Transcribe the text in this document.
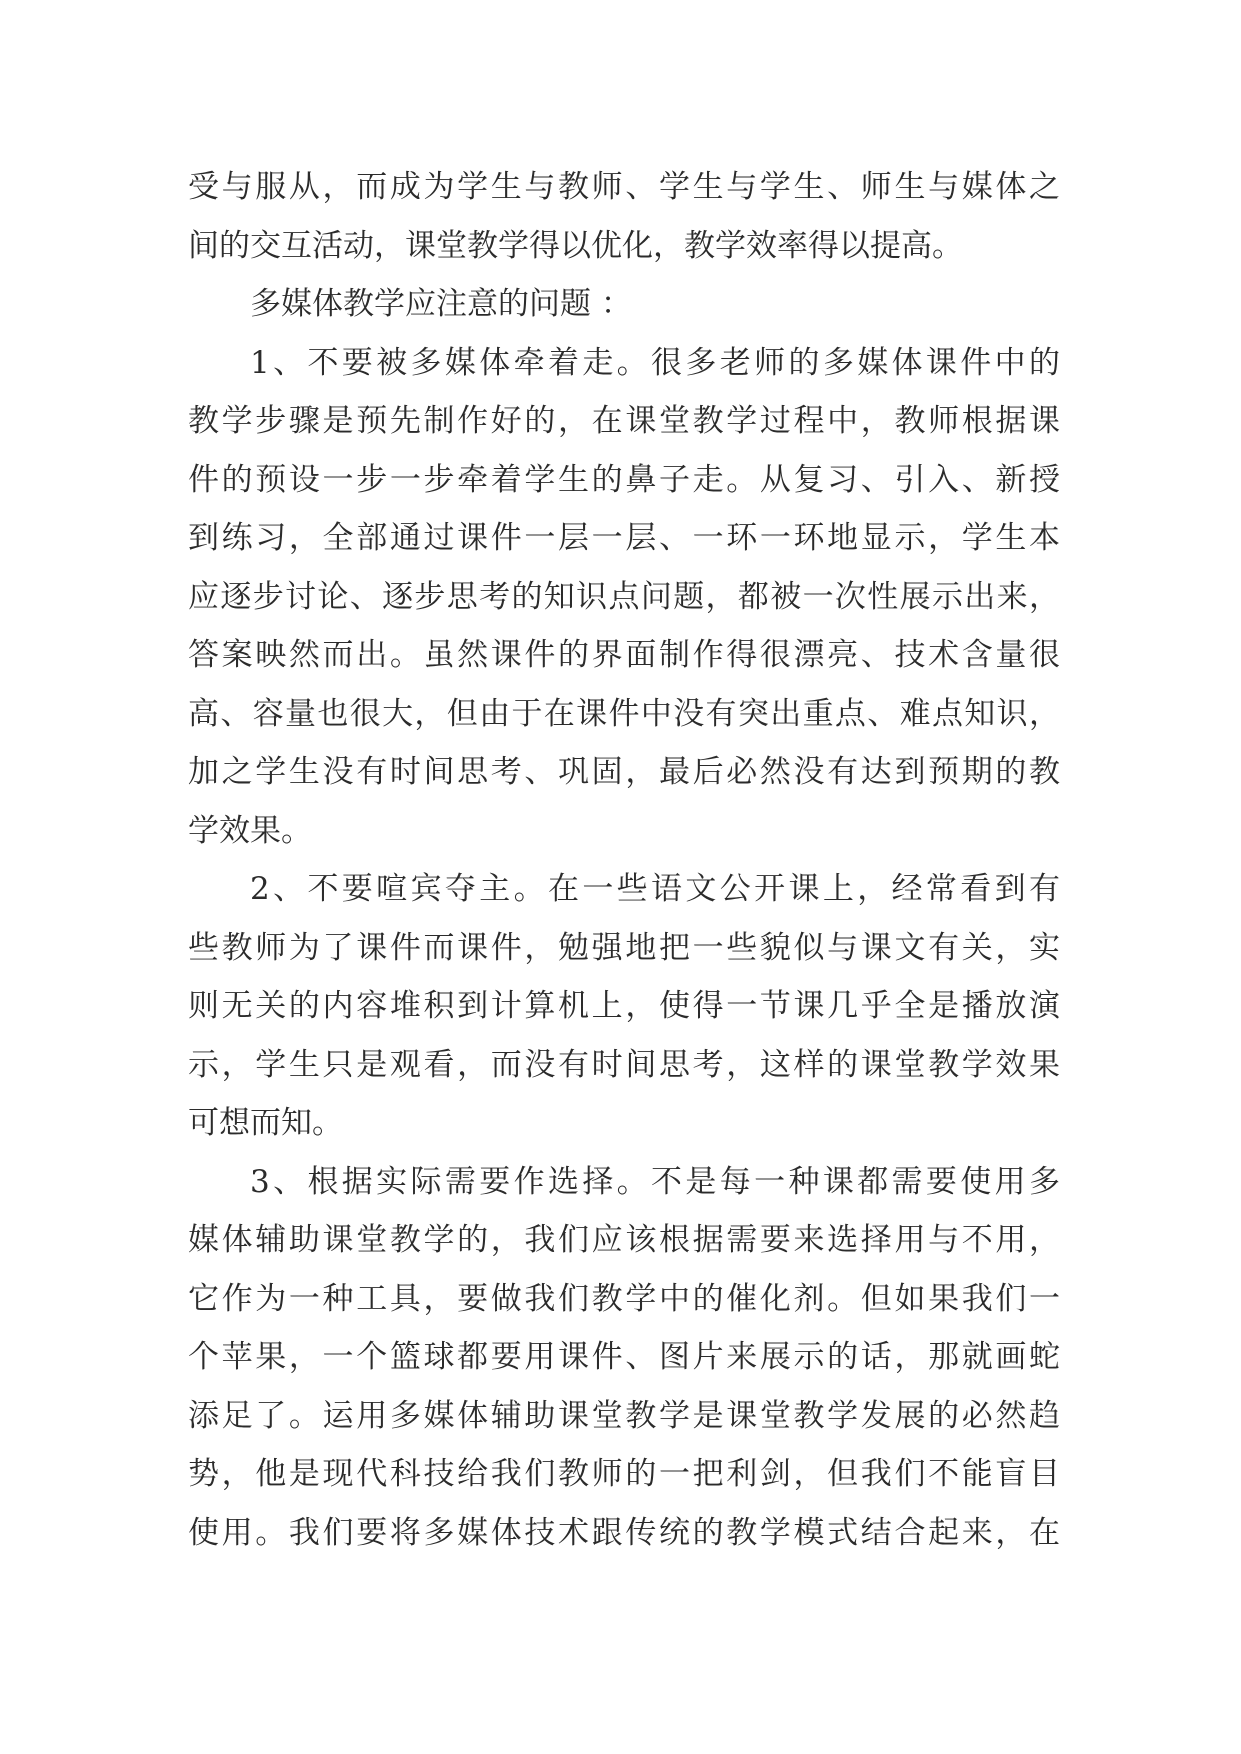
受与服从，而成为学生与教师、学生与学生、师生与媒体之
间的交互活动，课堂教学得以优化，教学效率得以提高。
多媒体教学应注意的问题 ：
1、不要被多媒体牵着走。很多老师的多媒体课件中的
教学步骤是预先制作好的，在课堂教学过程中，教师根据课
件的预设一步一步牵着学生的鼻子走。从复习、引入、新授
到练习，全部通过课件一层一层、一环一环地显示，学生本
应逐步讨论、逐步思考的知识点问题，都被一次性展示出来，
答案映然而出。虽然课件的界面制作得很漂亮、技术含量很
高、容量也很大，但由于在课件中没有突出重点、难点知识，
加之学生没有时间思考、巩固，最后必然没有达到预期的教
学效果。
2、不要喧宾夺主。在一些语文公开课上，经常看到有
些教师为了课件而课件，勉强地把一些貌似与课文有关，实
则无关的内容堆积到计算机上，使得一节课几乎全是播放演
示，学生只是观看，而没有时间思考，这样的课堂教学效果
可想而知。
3、根据实际需要作选择。不是每一种课都需要使用多
媒体辅助课堂教学的，我们应该根据需要来选择用与不用，
它作为一种工具，要做我们教学中的催化剂。但如果我们一
个苹果，一个篮球都要用课件、图片来展示的话，那就画蛇
添足了。运用多媒体辅助课堂教学是课堂教学发展的必然趋
势，他是现代科技给我们教师的一把利剑，但我们不能盲目
使用。我们要将多媒体技术跟传统的教学模式结合起来，在
